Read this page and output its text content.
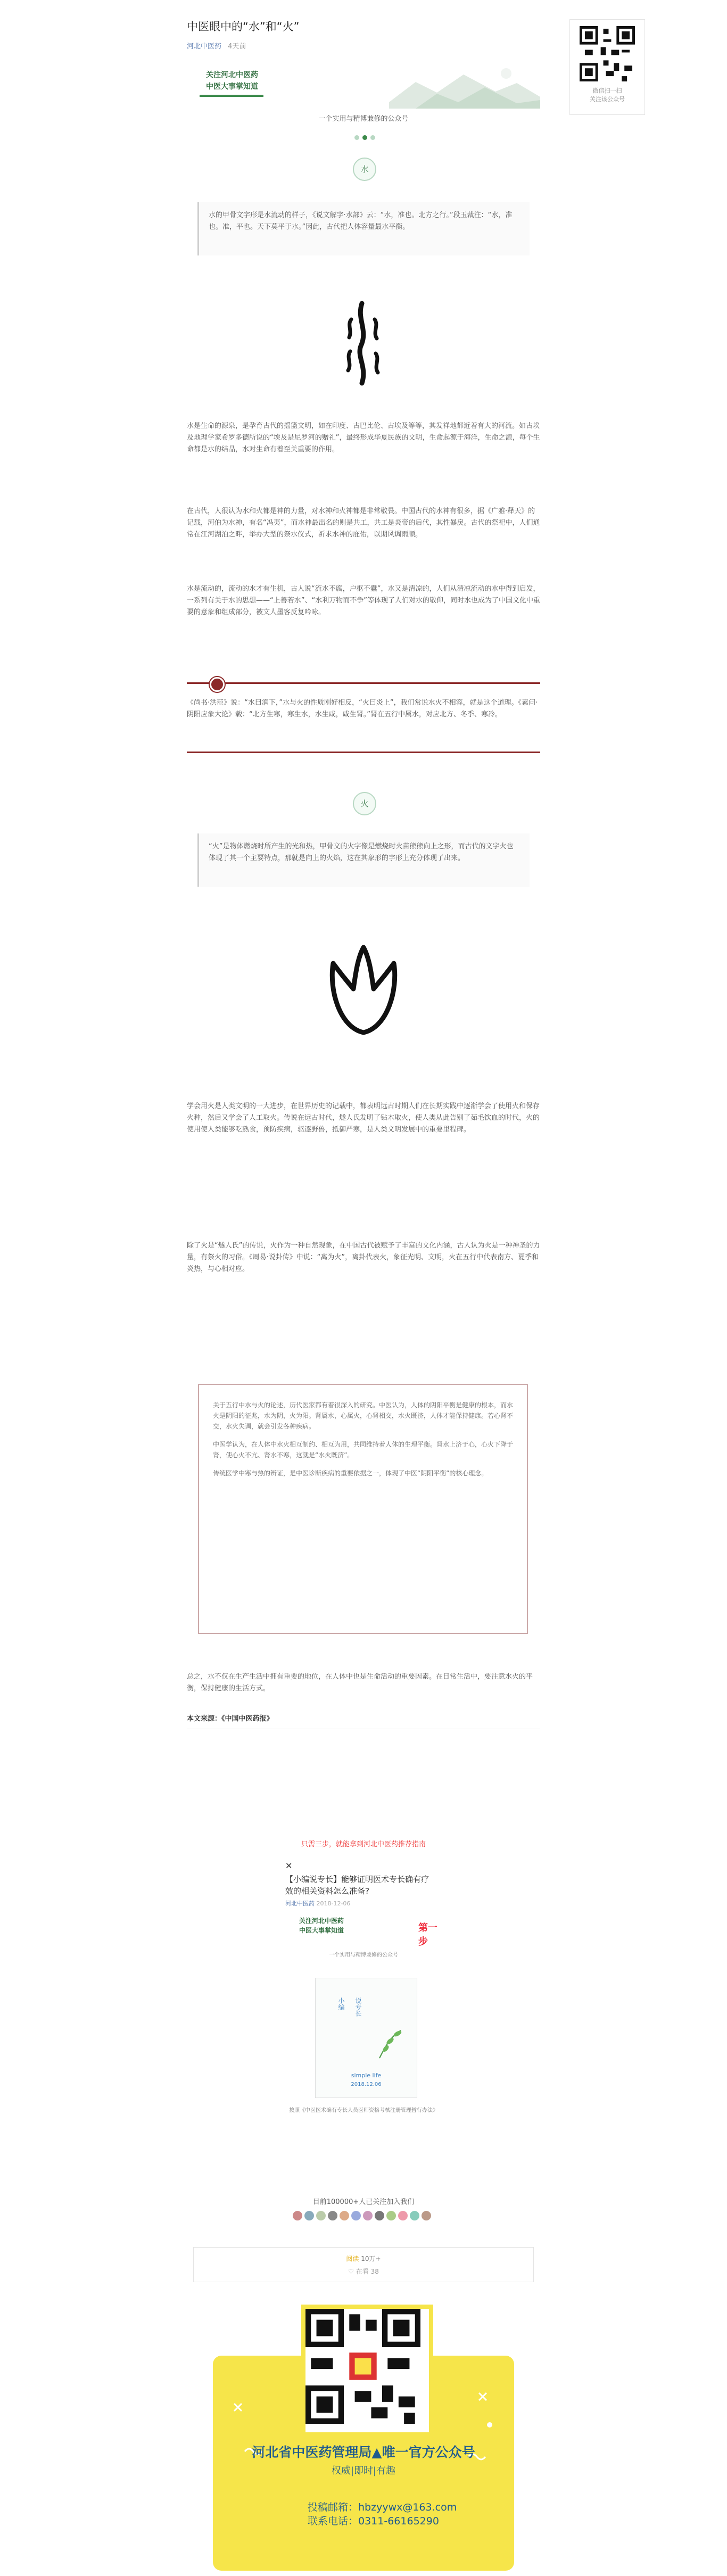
中医眼中的“水”和“火”
河北中医药 4天前
微信扫一扫
关注该公众号
关注河北中医药
中医大事掌知道
一个实用与精博兼修的公众号
水
水的甲骨文字形是水流动的样子，《说文解字·水部》云：“水，准也。北方之行。”段玉裁注：“水，准也。准，平也。天下莫平于水。”因此，古代把人体容量最水平衡。
水是生命的源泉，是孕育古代的摇篮文明，如在印度、古巴比伦、古埃及等等，其发祥地都近着有大的河流。如古埃及地理学家希罗多德所说的“埃及是尼罗河的赠礼”，最终形成华夏民族的文明，生命起源于海洋，生命之源，每个生命都是水的结晶，水对生命有着至关重要的作用。
在古代，人很认为水和火都是神的力量，对水神和火神都是非常敬畏。中国古代的水神有很多，据《广雅·释天》的记载，河伯为水神，有名“冯夷”，而水神最出名的则是共工，共工是炎帝的后代，其性暴戾。古代的祭祀中，人们通常在江河湖泊之畔，举办大型的祭水仪式，祈求水神的庇佑，以期风调雨顺。
水是流动的，流动的水才有生机，古人说“流水不腐，户枢不蠹”，水又是清凉的，人们从清凉流动的水中得到启发，一系列有关于水的思想——“上善若水”、“水利万物而不争”等体现了人们对水的敬仰，同时水也成为了中国文化中重要的意象和组成部分，被文人墨客反复吟咏。
《尚书·洪范》说：“水曰润下，”水与火的性质刚好相反，“火曰炎上”，我们常说水火不相容，就是这个道理。《素问·阴阳应象大论》载：“北方生寒，寒生水，水生咸，咸生肾。”肾在五行中属水，对应北方、冬季、寒冷。
火
“火”是物体燃烧时所产生的光和热，甲骨文的火字像是燃烧时火苗熊熊向上之形，而古代的文字火也体现了其一个主要特点，那就是向上的火焰，这在其象形的字形上充分体现了出来。
学会用火是人类文明的一大进步，在世界历史的记载中，都表明远古时期人们在长期实践中逐渐学会了使用火和保存火种，然后又学会了人工取火。传说在远古时代，燧人氏发明了钻木取火，使人类从此告别了茹毛饮血的时代，火的使用使人类能够吃熟食，预防疾病，驱逐野兽，抵御严寒，是人类文明发展中的重要里程碑。
除了火是“燧人氏”的传说，火作为一种自然现象，在中国古代被赋予了丰富的文化内涵，古人认为火是一种神圣的力量，有祭火的习俗。《周易·说卦传》中说：“离为火”，离卦代表火，象征光明、文明，火在五行中代表南方、夏季和炎热，与心相对应。

关于五行中水与火的论述，历代医家都有着很深入的研究。中医认为，人体的阴阳平衡是健康的根本，而水火是阴阳的征兆，水为阴，火为阳。肾属水，心属火，心肾相交，水火既济，人体才能保持健康。若心肾不交，水火失调，就会引发各种疾病。

中医学认为，在人体中水火相互制约、相互为用，共同维持着人体的生理平衡。肾水上济于心，心火下降于肾，使心火不亢、肾水不寒，这就是“水火既济”。

传统医学中寒与热的辨证，是中医诊断疾病的重要依据之一，体现了中医“阴阳平衡”的核心理念。

总之，水不仅在生产生活中拥有重要的地位，在人体中也是生命活动的重要因素。在日常生活中，要注意水火的平衡，保持健康的生活方式。
本文来源：《中国中医药报》
只需三步，就能拿到河北中医药推荐指南
✕
【小编说专长】能够证明医术专长确有疗效的相关资料怎么准备?
河北中医药 2018-12-06
关注河北中医药
中医大事掌知道	第一步
一个实用与精博兼修的公众号
小编 说专长
simple life
2018.12.06
按照《中医医术确有专长人员医师资格考核注册管理暂行办法》
目前100000+人已关注加入我们
阅读 10万+
♡ 在看 38
河北省中医药管理局▲唯一官方公众号
权威|即时|有趣
投稿邮箱：hbzyywx@163.com
联系电话：0311-66165290
